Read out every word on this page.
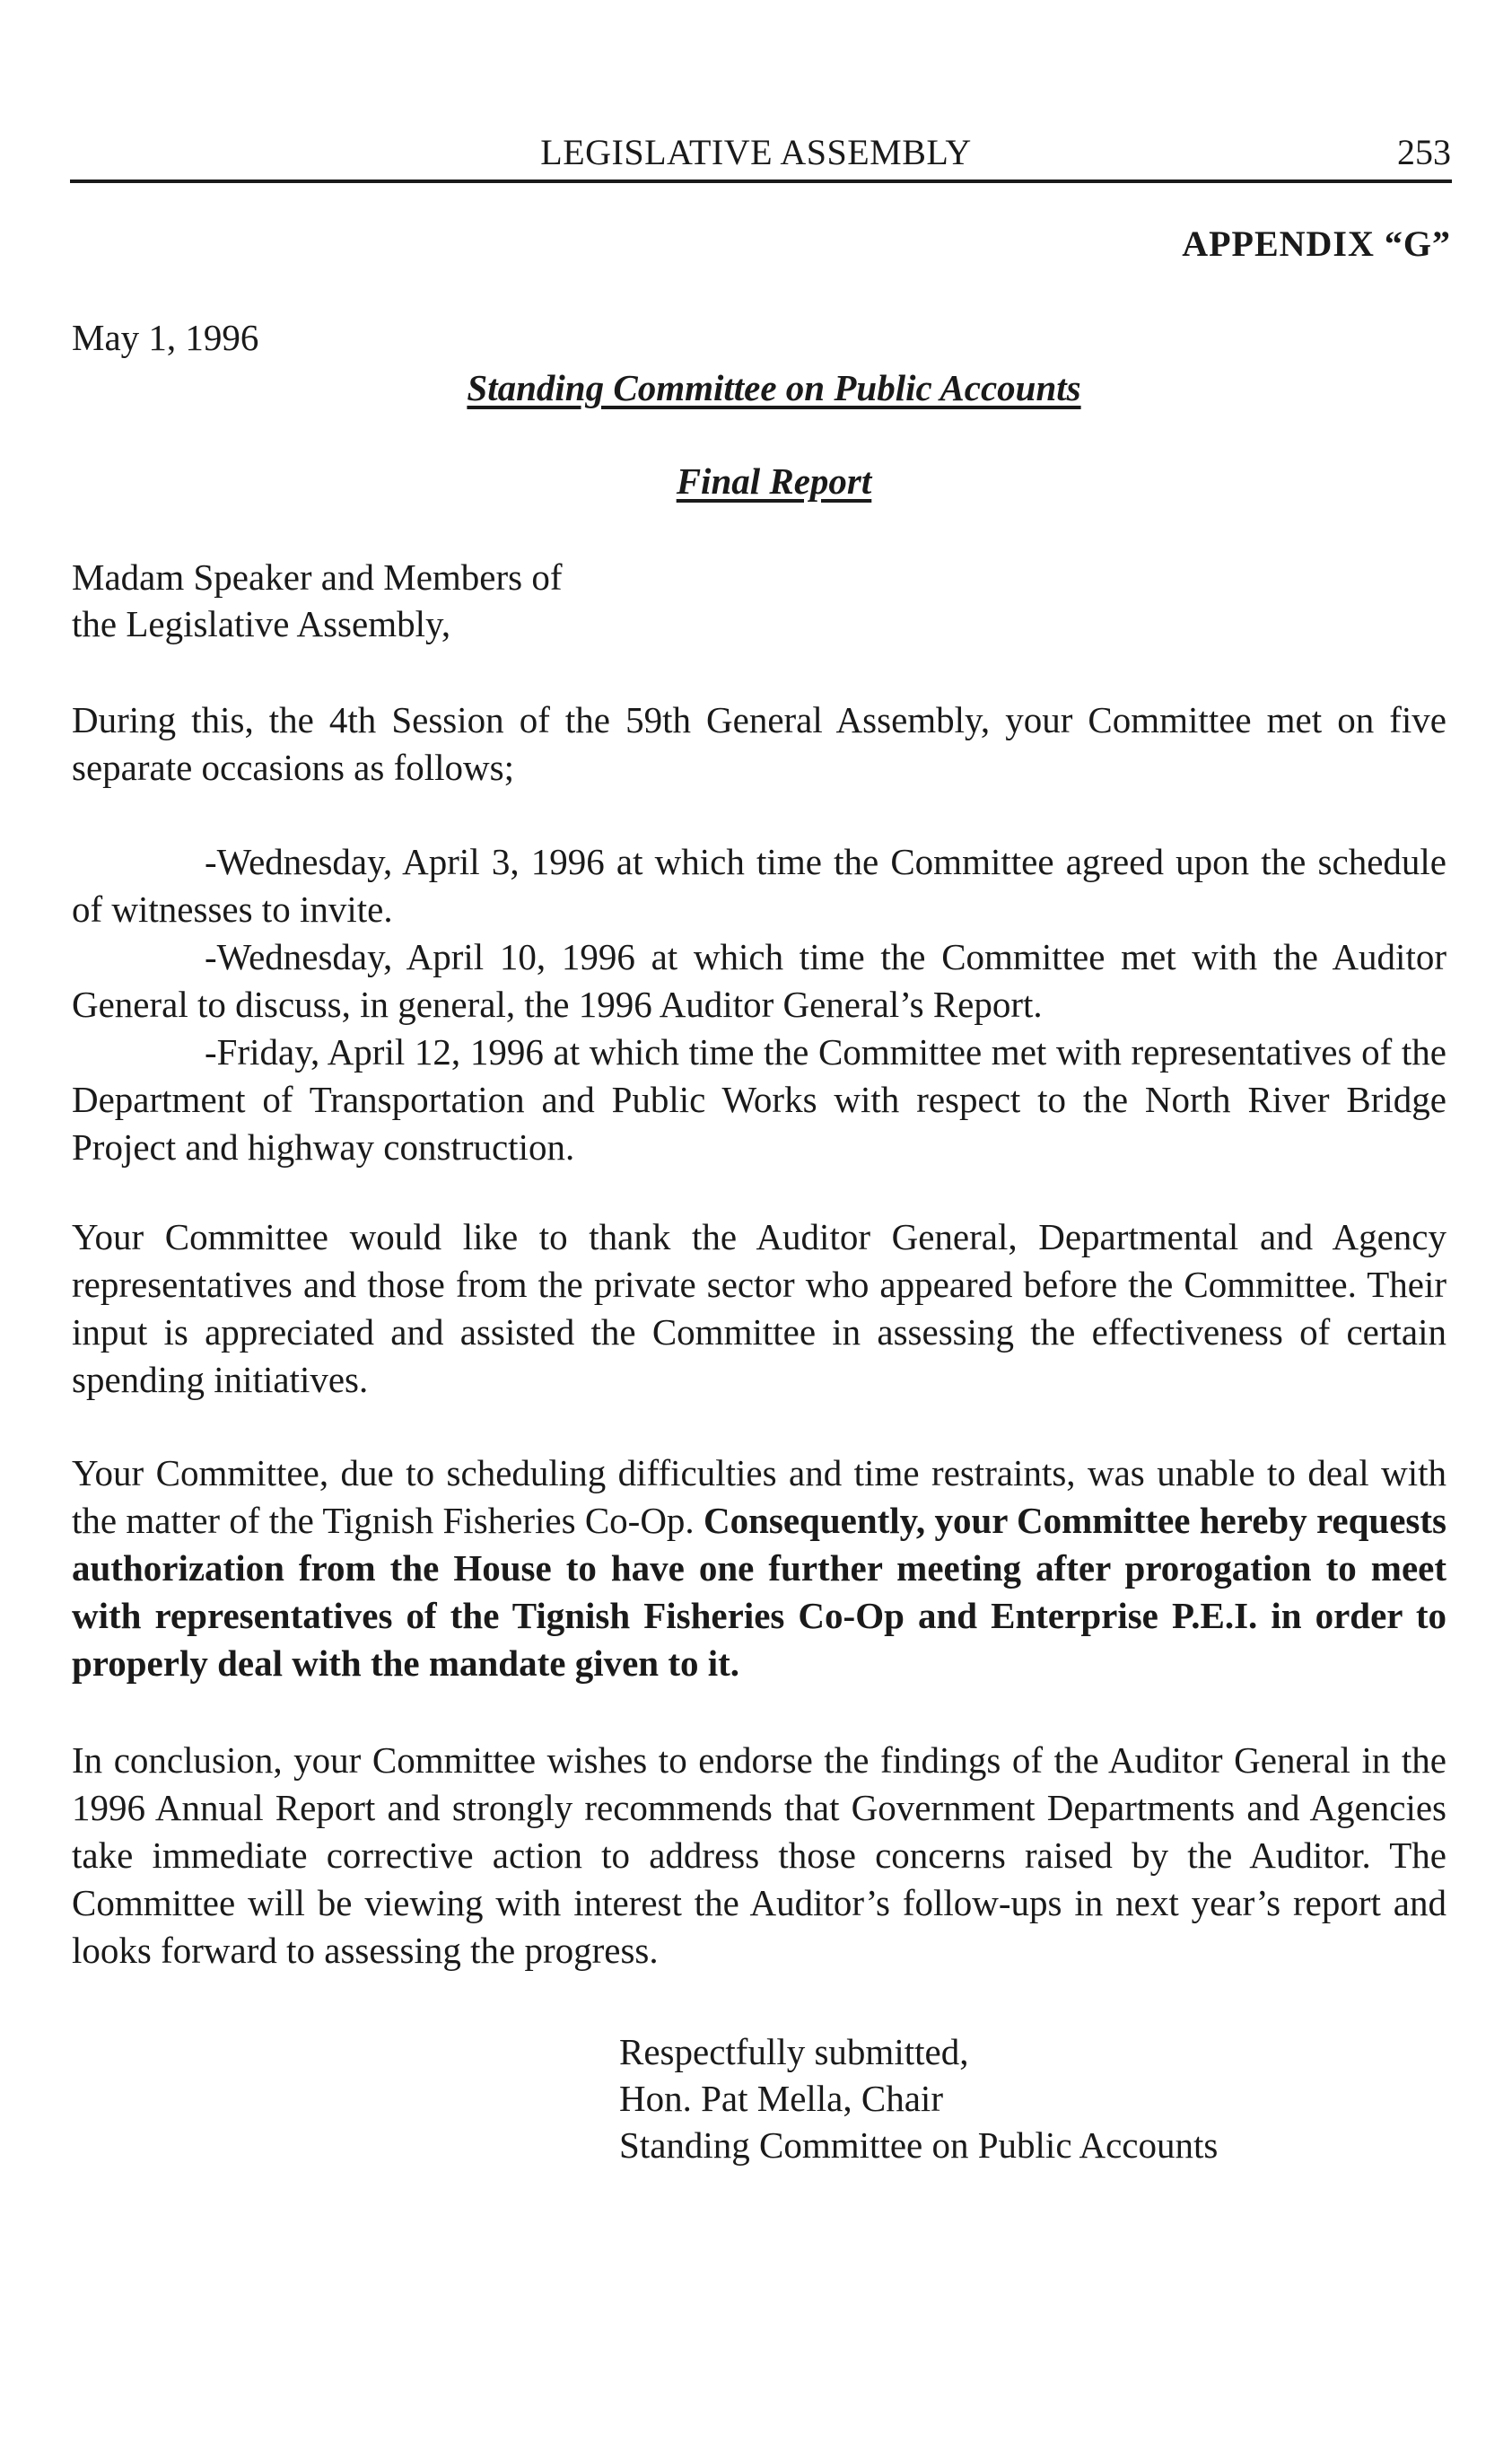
LEGISLATIVE ASSEMBLY	253
APPENDIX “G”
May 1, 1996
Standing Committee on Public Accounts
Final Report
Madam Speaker and Members of
the Legislative Assembly,

During this, the 4th Session of the 59th General Assembly, your Committee met on five separate occasions as follows;

-Wednesday, April 3, 1996 at which time the Committee agreed upon the schedule of witnesses to invite.

-Wednesday, April 10, 1996 at which time the Committee met with the Auditor General to discuss, in general, the 1996 Auditor General’s Report.

-Friday, April 12, 1996 at which time the Committee met with representatives of the Department of Transportation and Public Works with respect to the North River Bridge Project and highway construction.

Your Committee would like to thank the Auditor General, Departmental and Agency representatives and those from the private sector who appeared before the Committee. Their input is appreciated and assisted the Committee in assessing the effectiveness of certain spending initiatives.

Your Committee, due to scheduling difficulties and time restraints, was unable to deal with the matter of the Tignish Fisheries Co-Op. Consequently, your Committee hereby requests authorization from the House to have one further meeting after prorogation to meet with representatives of the Tignish Fisheries Co-Op and Enterprise P.E.I. in order to properly deal with the mandate given to it.

In conclusion, your Committee wishes to endorse the findings of the Auditor General in the 1996 Annual Report and strongly recommends that Government Departments and Agencies take immediate corrective action to address those concerns raised by the Auditor. The Committee will be viewing with interest the Auditor’s follow-ups in next year’s report and looks forward to assessing the progress.

Respectfully submitted,
Hon. Pat Mella, Chair
Standing Committee on Public Accounts
